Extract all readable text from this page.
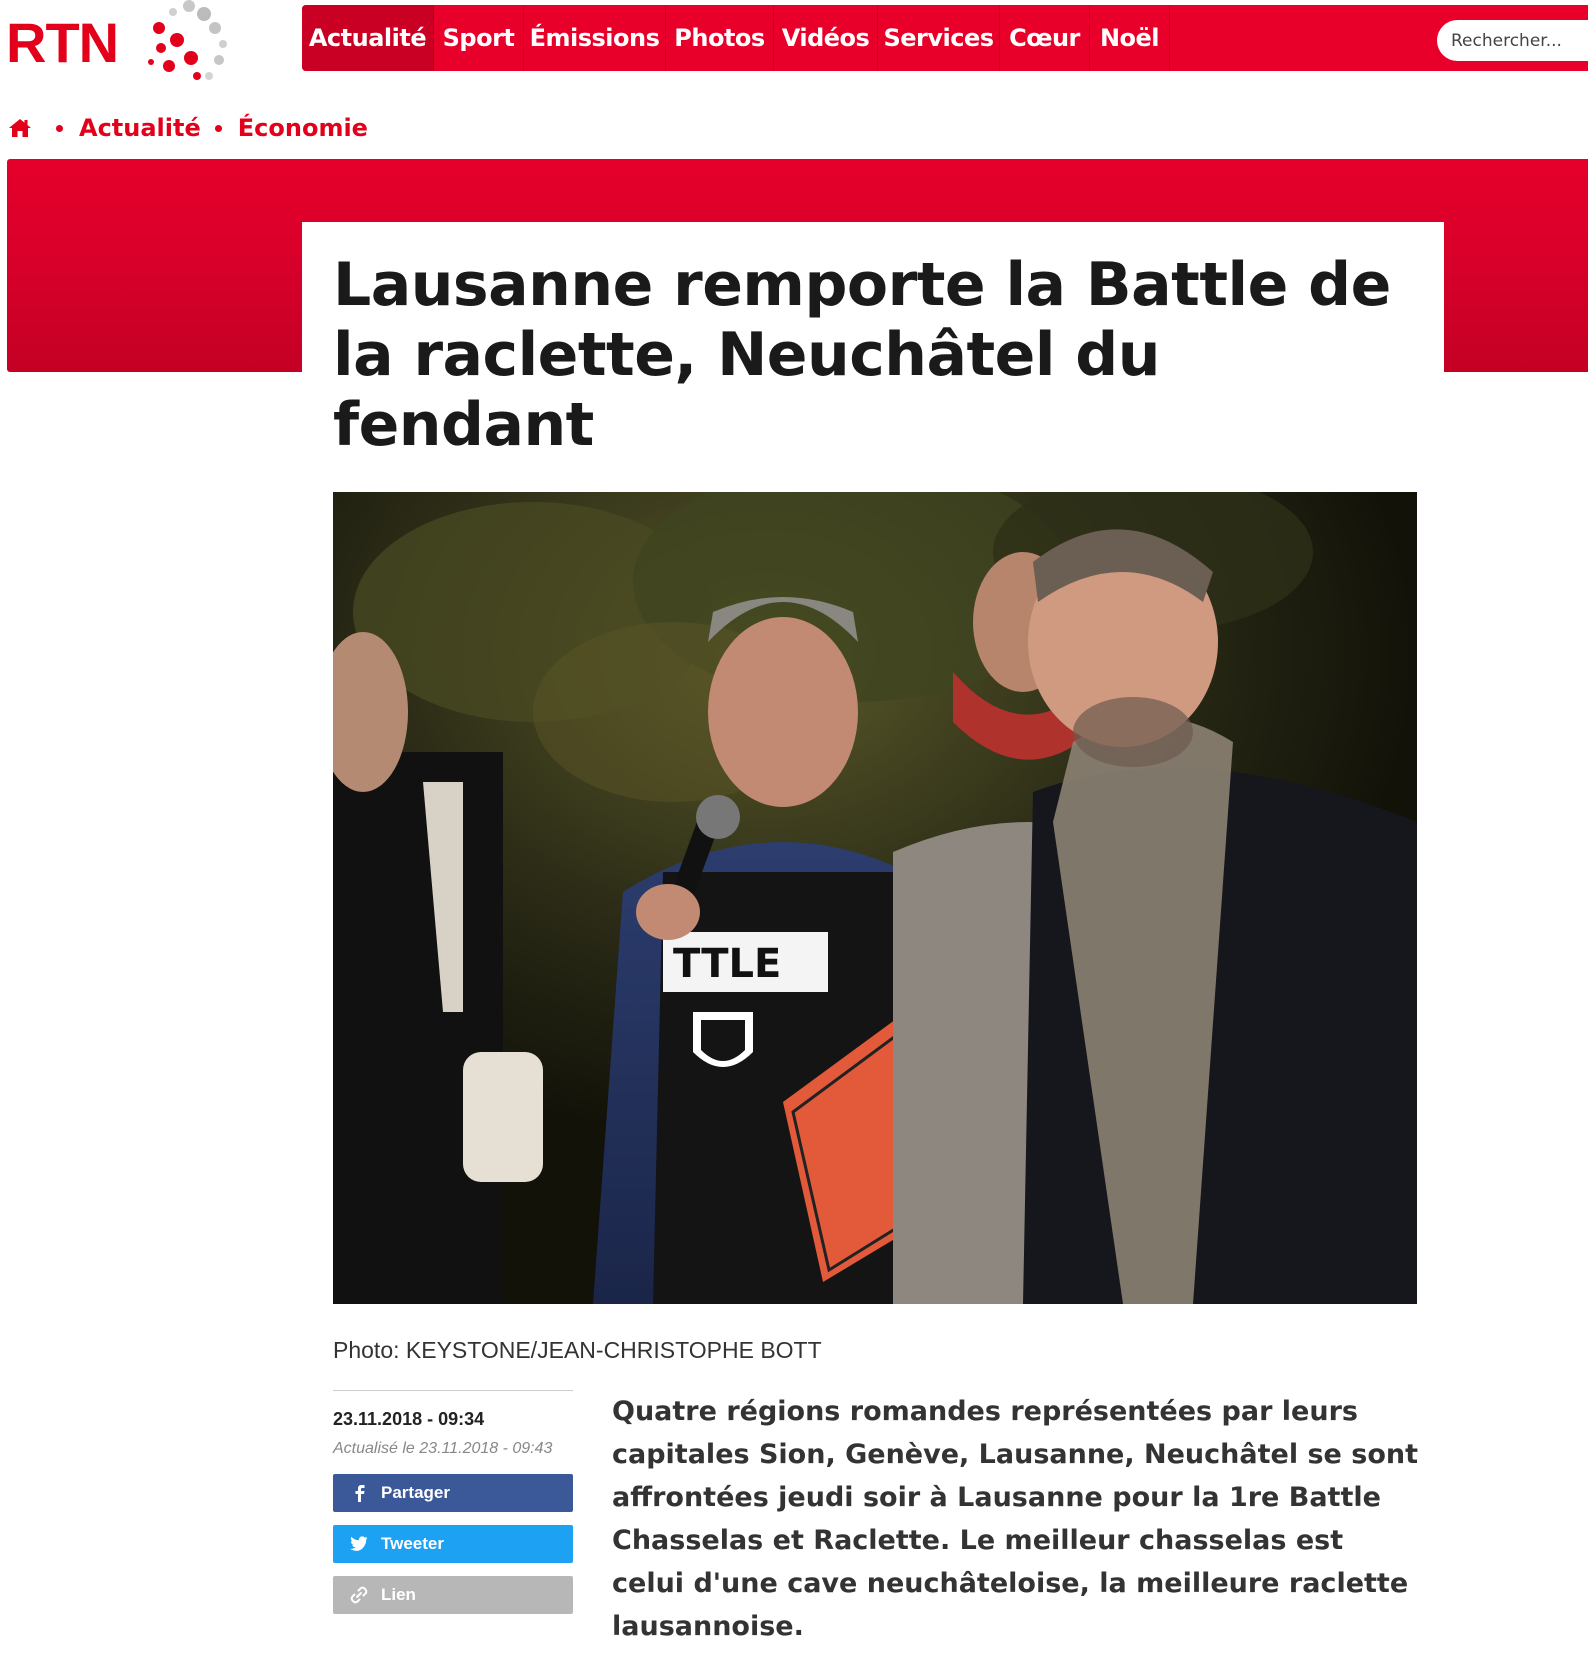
RTN	Actualité Sport Émissions Photos Vidéos Services Cœur Noël
Rechercher...
Actualité Économie
Lausanne remporte la Battle de la raclette, Neuchâtel du fendant
TTLE
Photo: KEYSTONE/JEAN-CHRISTOPHE BOTT
23.11.2018 - 09:34
Actualisé le 23.11.2018 - 09:43
Partager
Tweeter
Lien

Quatre régions romandes représentées par leurs capitales Sion, Genève, Lausanne, Neuchâtel se sont affrontées jeudi soir à Lausanne pour la 1re Battle Chasselas et Raclette. Le meilleur chasselas est celui d'une cave neuchâteloise, la meilleure raclette lausannoise.
